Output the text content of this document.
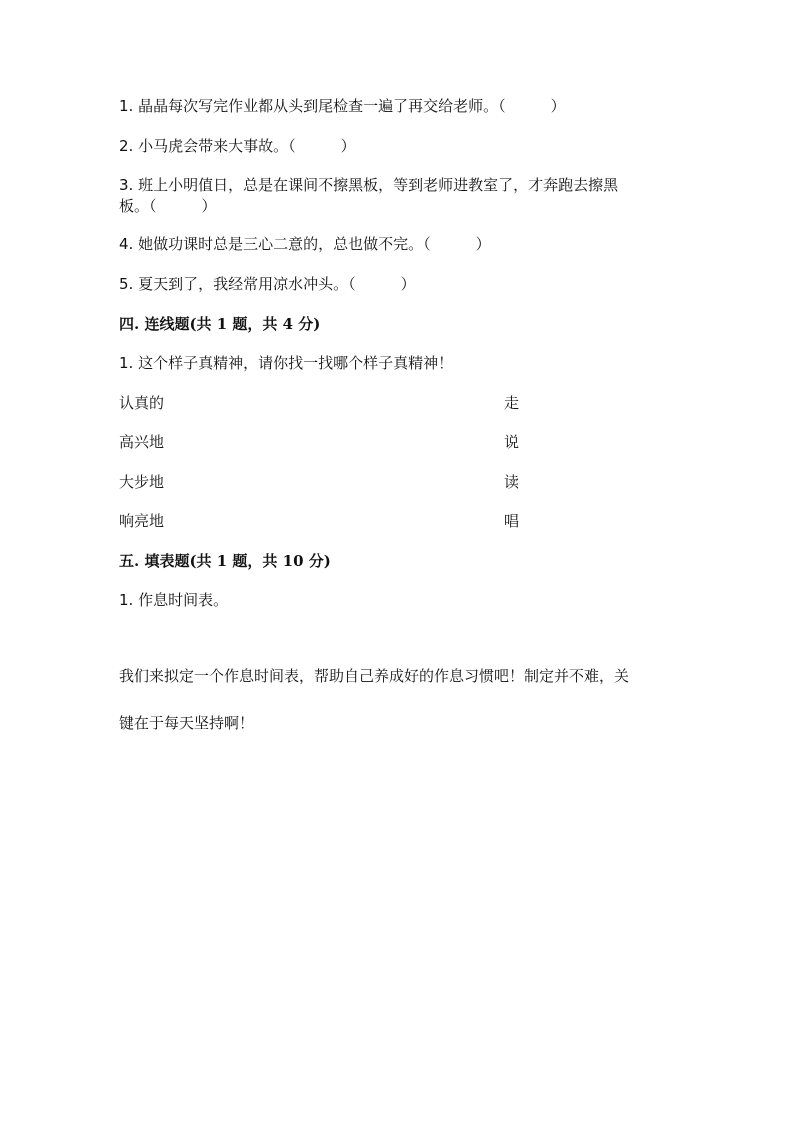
1. 晶晶每次写完作业都从头到尾检查一遍了再交给老师。（　　　）
2. 小马虎会带来大事故。（　　　）
3. 班上小明值日，总是在课间不擦黑板，等到老师进教室了，才奔跑去擦黑
板。（　　　）
4. 她做功课时总是三心二意的，总也做不完。（　　　）
5. 夏天到了，我经常用凉水冲头。（　　　）
四. 连线题(共 1 题，共 4 分)
1. 这个样子真精神，请你找一找哪个样子真精神！
认真的	走
高兴地	说
大步地	读
响亮地	唱
五. 填表题(共 1 题，共 10 分)
1. 作息时间表。
我们来拟定一个作息时间表，帮助自己养成好的作息习惯吧！制定并不难，关
键在于每天坚持啊！
